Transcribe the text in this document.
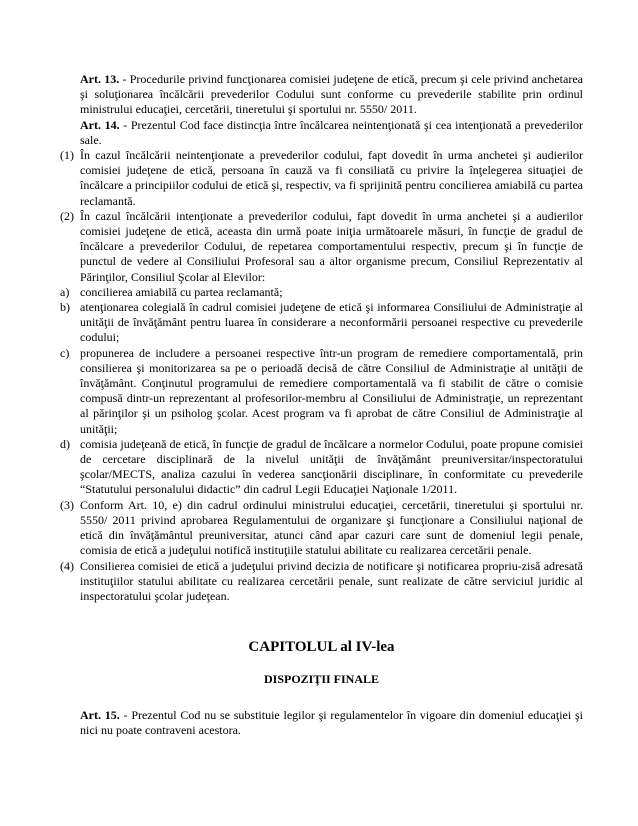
Art. 13. - Procedurile privind funcţionarea comisiei judeţene de etică, precum şi cele privind anchetarea şi soluţionarea încălcării prevederilor Codului sunt conforme cu prevederile stabilite prin ordinul ministrului educaţiei, cercetării, tineretului şi sportului nr. 5550/ 2011.

Art. 14. - Prezentul Cod face distincţia între încălcarea neintenţionată şi cea intenţionată a prevederilor sale.

(1) În cazul încălcării neintenţionate a prevederilor codului, fapt dovedit în urma anchetei şi audierilor comisiei judeţene de etică, persoana în cauză va fi consiliată cu privire la înţelegerea situaţiei de încălcare a principiilor codului de etică şi, respectiv, va fi sprijinită pentru concilierea amiabilă cu partea reclamantă.
(2) În cazul încălcării intenţionate a prevederilor codului, fapt dovedit în urma anchetei şi a audierilor comisiei judeţene de etică, aceasta din urmă poate iniţia următoarele măsuri, în funcţie de gradul de încălcare a prevederilor Codului, de repetarea comportamentului respectiv, precum şi în funcţie de punctul de vedere al Consiliului Profesoral sau a altor organisme precum, Consiliul Reprezentativ al Părinţilor, Consiliul Şcolar al Elevilor:
a) concilierea amiabilă cu partea reclamantă;
b) atenţionarea colegială în cadrul comisiei judeţene de etică şi informarea Consiliului de Administraţie al unităţii de învăţământ pentru luarea în considerare a neconformării persoanei respective cu prevederile codului;
c) propunerea de includere a persoanei respective într-un program de remediere comportamentală, prin consilierea şi monitorizarea sa pe o perioadă decisă de către Consiliul de Administraţie al unităţii de învăţământ. Conţinutul programului de remediere comportamentală va fi stabilit de către o comisie compusă dintr-un reprezentant al profesorilor-membru al Consiliului de Administraţie, un reprezentant al părinţilor şi un psiholog şcolar. Acest program va fi aprobat de către Consiliul de Administraţie al unităţii;
d) comisia judeţeană de etică, în funcţie de gradul de încălcare a normelor Codului, poate propune comisiei de cercetare disciplinară de la nivelul unităţii de învăţământ preuniversitar/inspectoratului şcolar/MECTS, analiza cazului în vederea sancţionării disciplinare, în conformitate cu prevederile “Statutului personalului didactic” din cadrul Legii Educaţiei Naţionale 1/2011.
(3) Conform Art. 10, e) din cadrul ordinului ministrului educaţiei, cercetării, tineretului şi sportului nr. 5550/ 2011 privind aprobarea Regulamentului de organizare şi funcţionare a Consiliului naţional de etică din învăţământul preuniversitar, atunci când apar cazuri care sunt de domeniul legii penale, comisia de etică a judeţului notifică instituţiile statului abilitate cu realizarea cercetării penale.
(4) Consilierea comisiei de etică a judeţului privind decizia de notificare şi notificarea propriu-zisă adresată instituţiilor statului abilitate cu realizarea cercetării penale, sunt realizate de către serviciul juridic al inspectoratului şcolar judeţean.
CAPITOLUL al IV-lea
DISPOZIŢII FINALE

Art. 15. - Prezentul Cod nu se substituie legilor şi regulamentelor în vigoare din domeniul educaţiei şi nici nu poate contraveni acestora.
